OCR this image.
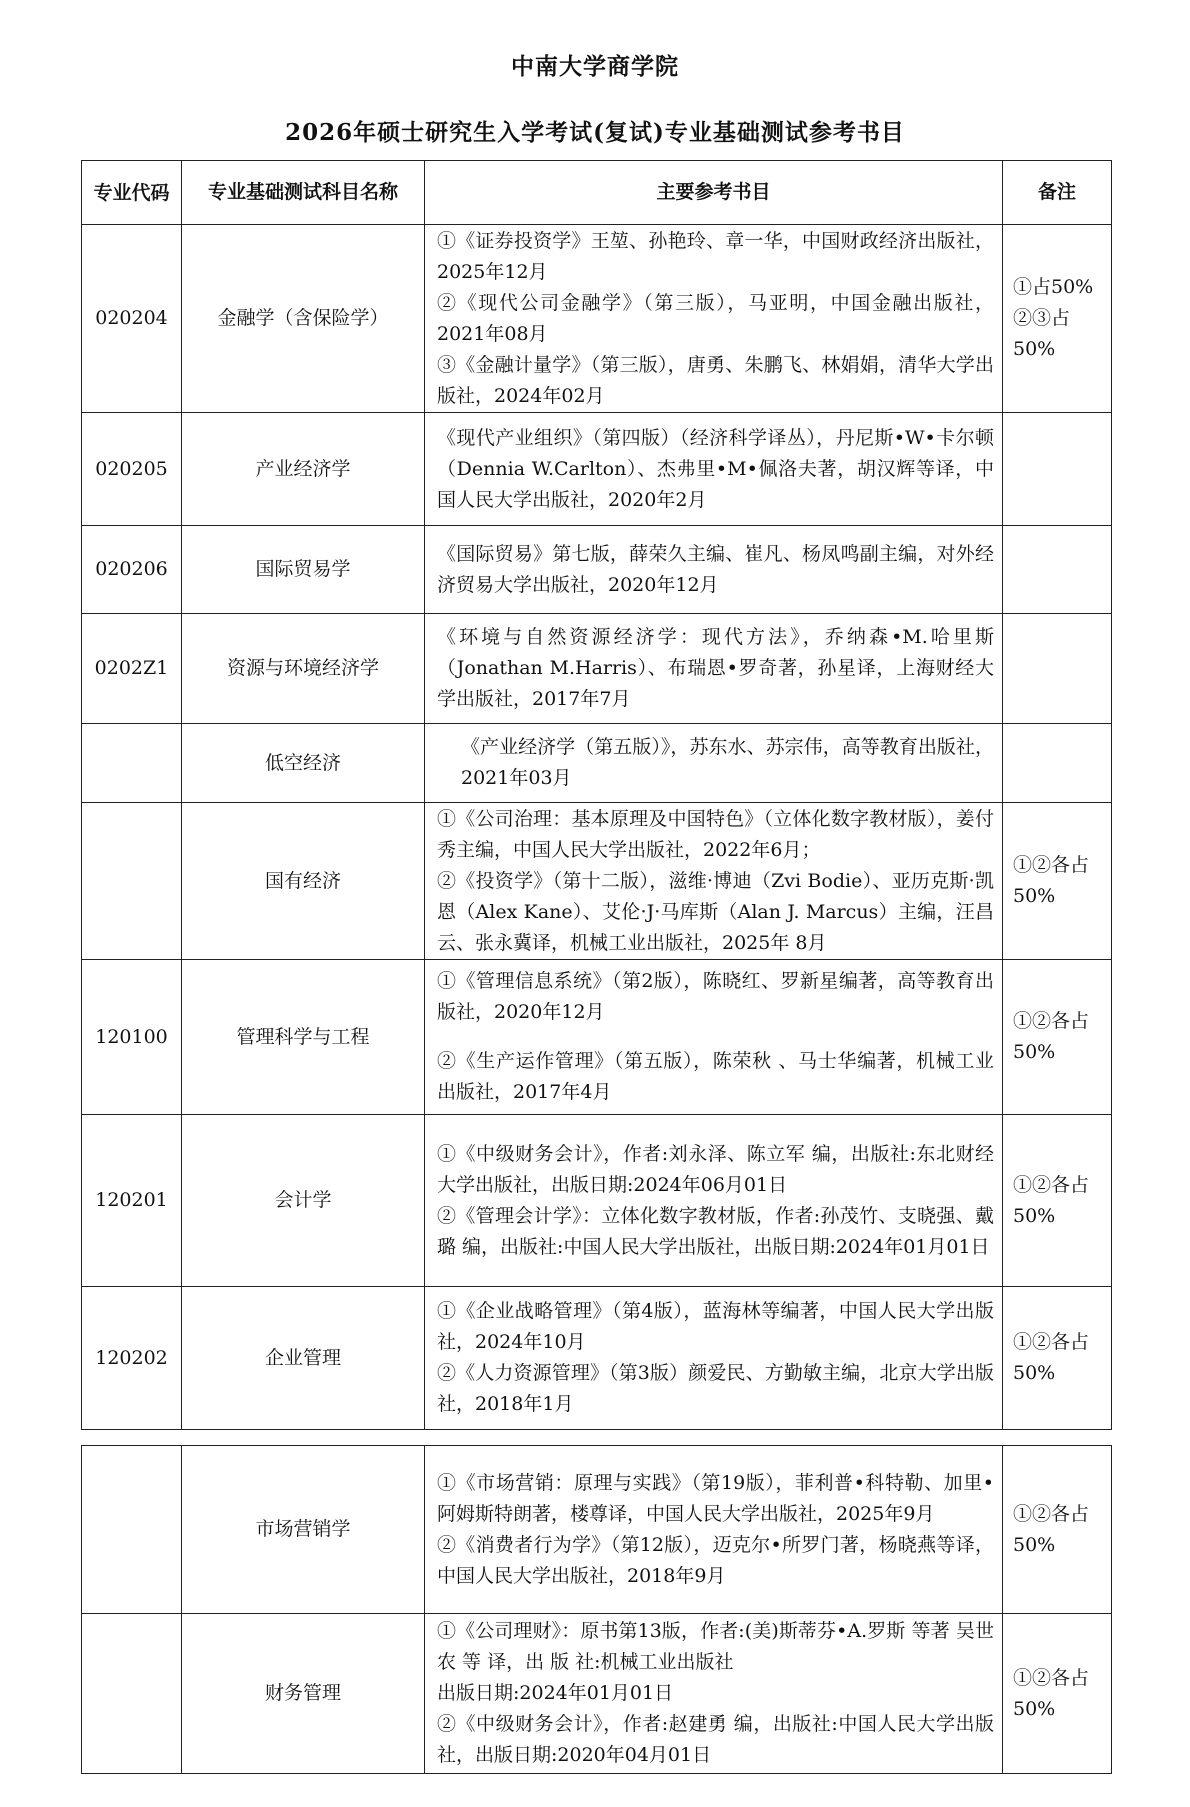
中南大学商学院
2026年硕士研究生入学考试(复试)专业基础测试参考书目
专业代码	专业基础测试科目名称	主要参考书目	备注
020204	金融学（含保险学）	①《证券投资学》王堃、孙艳玲、章一华，中国财政经济出版社，2025年12月
②《现代公司金融学》（第三版），马亚明，中国金融出版社，2021年08月
③《金融计量学》（第三版），唐勇、朱鹏飞、林娟娟，清华大学出版社，2024年02月	①占50% ②③占50%
020205	产业经济学	《现代产业组织》（第四版）（经济科学译丛），丹尼斯•W•卡尔顿（Dennia W.Carlton）、杰弗里•M•佩洛夫著，胡汉辉等译，中国人民大学出版社，2020年2月	

020206	国际贸易学	《国际贸易》第七版，薛荣久主编、崔凡、杨凤鸣副主编，对外经济贸易大学出版社，2020年12月	

0202Z1	资源与环境经济学	《环境与自然资源经济学：现代方法》，乔纳森•M.哈里斯（Jonathan M.Harris）、布瑞恩•罗奇著，孙星译，上海财经大学出版社，2017年7月	

	低空经济	《产业经济学（第五版）》，苏东水、苏宗伟，高等教育出版社，2021年03月	

	国有经济	①《公司治理：基本原理及中国特色》（立体化数字教材版），姜付秀主编，中国人民大学出版社，2022年6月；
②《投资学》（第十二版），滋维·博迪（Zvi Bodie）、亚历克斯·凯恩（Alex Kane）、艾伦·J·马库斯（Alan J. Marcus）主编，汪昌云、张永冀译，机械工业出版社，2025年 8月	①②各占50%
120100	管理科学与工程	①《管理信息系统》（第2版），陈晓红、罗新星编著，高等教育出版社，2020年12月
②《生产运作管理》（第五版），陈荣秋 、马士华编著，机械工业出版社，2017年4月	①②各占50%
120201	会计学	①《中级财务会计》，作者:刘永泽、陈立军 编，出版社:东北财经大学出版社，出版日期:2024年06月01日
②《管理会计学》：立体化数字教材版，作者:孙茂竹、支晓强、戴璐 编，出版社:中国人民大学出版社，出版日期:2024年01月01日	①②各占50%
120202	企业管理	①《企业战略管理》（第4版），蓝海林等编著，中国人民大学出版社，2024年10月
②《人力资源管理》（第3版）颜爱民、方勤敏主编，北京大学出版社，2018年1月	①②各占50%
	市场营销学	①《市场营销：原理与实践》（第19版），菲利普•科特勒、加里•阿姆斯特朗著，楼尊译，中国人民大学出版社，2025年9月
②《消费者行为学》（第12版），迈克尔•所罗门著，杨晓燕等译，中国人民大学出版社，2018年9月	①②各占50%
	财务管理	①《公司理财》：原书第13版，作者:(美)斯蒂芬•A.罗斯 等著 吴世农 等 译，出 版 社:机械工业出版社
出版日期:2024年01月01日
②《中级财务会计》，作者:赵建勇 编，出版社:中国人民大学出版社，出版日期:2020年04月01日	①②各占50%
